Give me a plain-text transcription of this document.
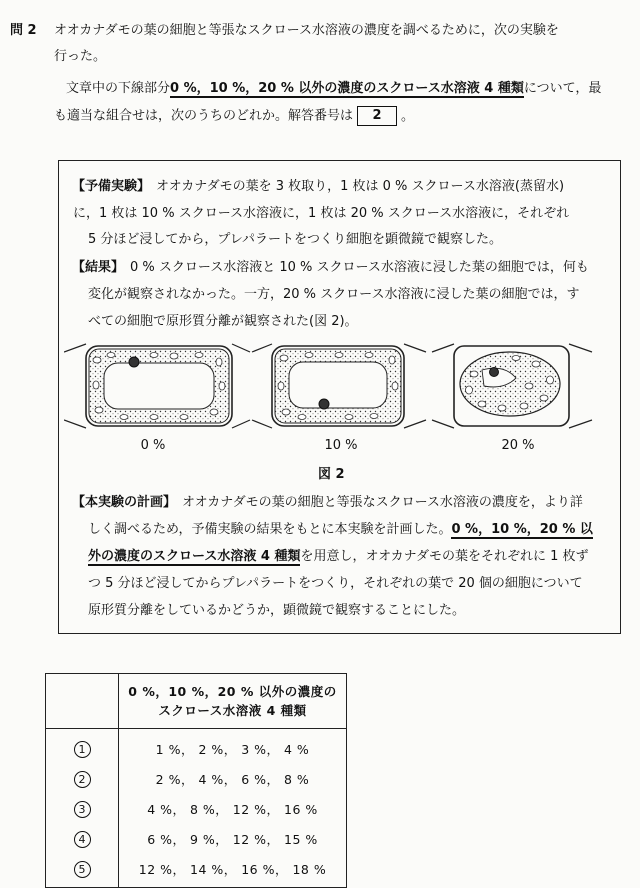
問 2 オオカナダモの葉の細胞と等張なスクロース水溶液の濃度を調べるために，次の実験を
行った。
文章中の下線部分0 %，10 %，20 % 以外の濃度のスクロース水溶液 4 種類について，最
も適当な組合せは，次のうちのどれか。解答番号は 2 。
【予備実験】 オオカナダモの葉を 3 枚取り，1 枚は 0 % スクロース水溶液(蒸留水)
に，1 枚は 10 % スクロース水溶液に，1 枚は 20 % スクロース水溶液に，それぞれ
5 分ほど浸してから，プレパラートをつくり細胞を顕微鏡で観察した。
【結果】 0 % スクロース水溶液と 10 % スクロース水溶液に浸した葉の細胞では，何も
変化が観察されなかった。一方，20 % スクロース水溶液に浸した葉の細胞では，す
べての細胞で原形質分離が観察された(図 2)。
0 %	10 %	20 %
図 2
【本実験の計画】 オオカナダモの葉の細胞と等張なスクロース水溶液の濃度を，より詳
しく調べるため，予備実験の結果をもとに本実験を計画した。0 %，10 %，20 % 以
外の濃度のスクロース水溶液 4 種類を用意し，オオカナダモの葉をそれぞれに 1 枚ず
つ 5 分ほど浸してからプレパラートをつくり，それぞれの葉で 20 個の細胞について
原形質分離をしているかどうか，顕微鏡で観察することにした。

	0 %，10 %，20 % 以外の濃度の
スクロース水溶液 4 種類

1	1 %， 2 %， 3 %， 4 %
2	2 %， 4 %， 6 %， 8 %
3	4 %， 8 %， 12 %， 16 %
4	6 %， 9 %， 12 %， 15 %
5	12 %， 14 %， 16 %， 18 %
